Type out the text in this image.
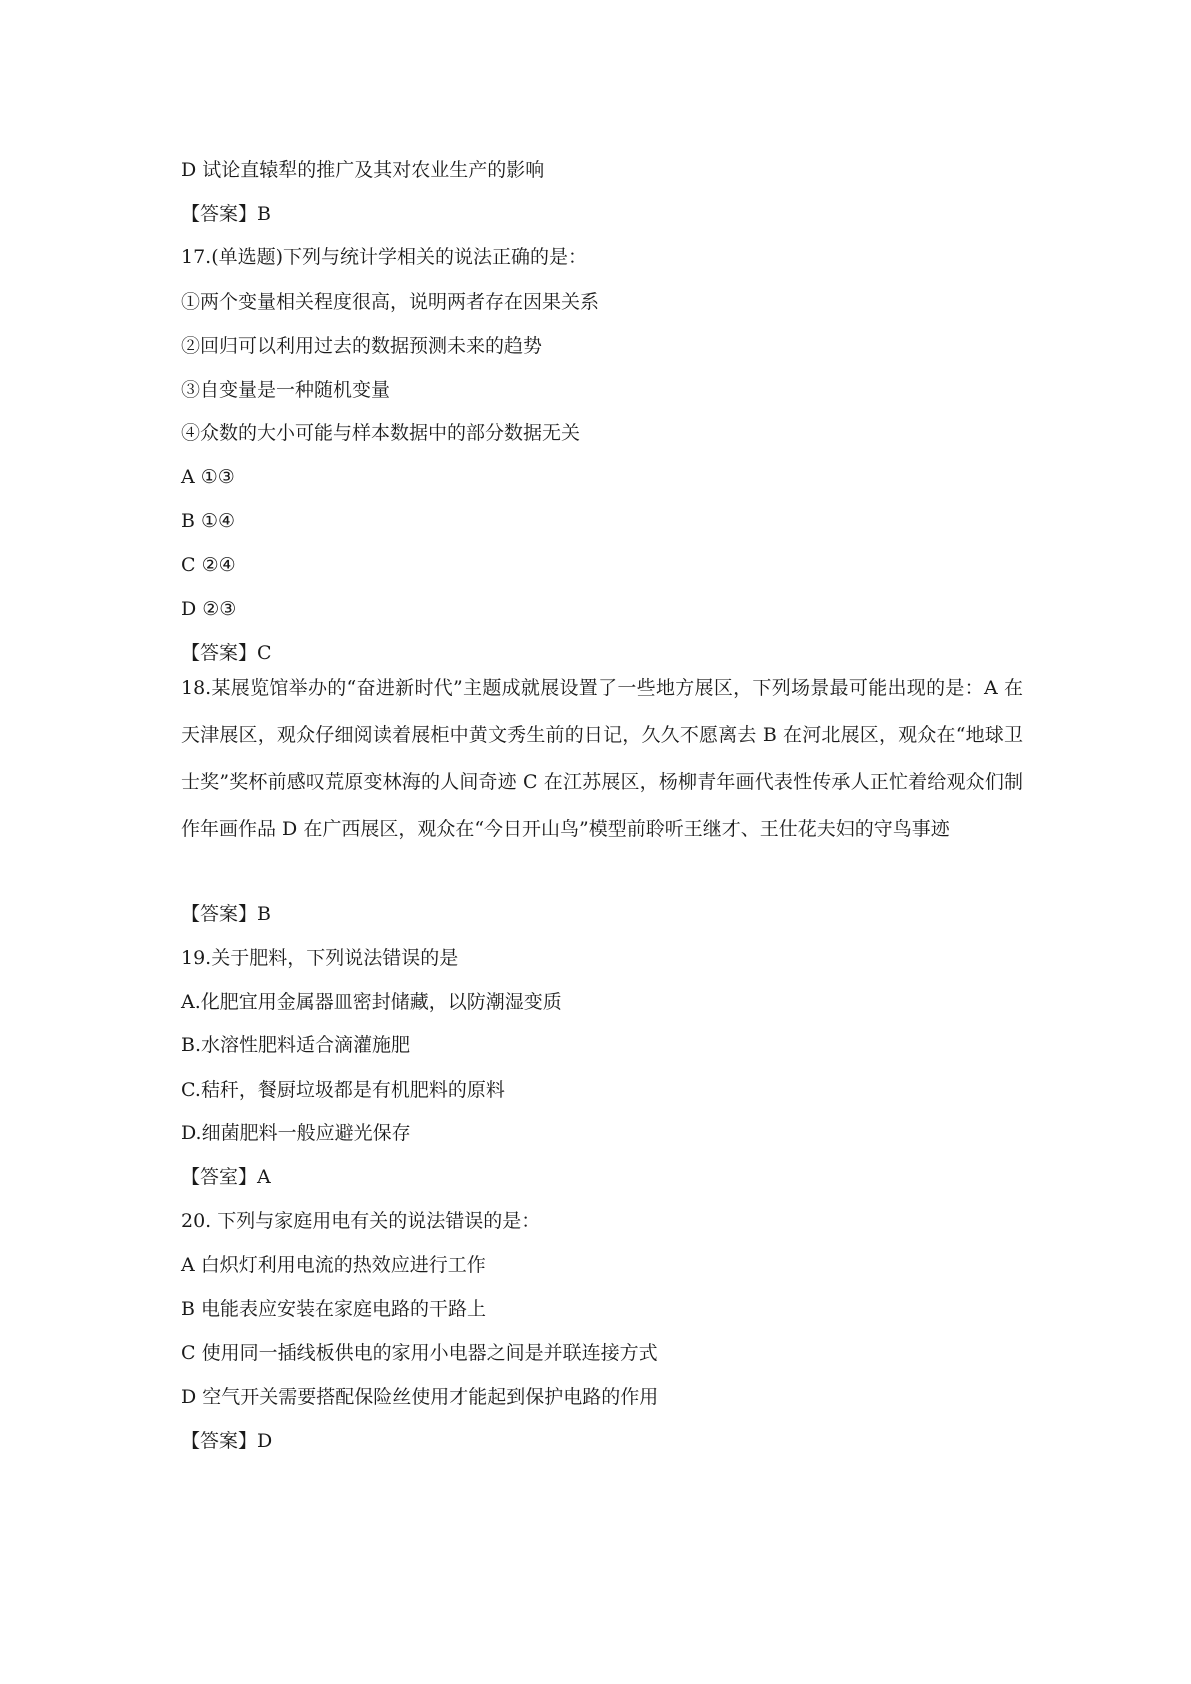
D 试论直辕犁的推广及其对农业生产的影响
【答案】B
17.(单选题)下列与统计学相关的说法正确的是：
①两个变量相关程度很高，说明两者存在因果关系
②回归可以利用过去的数据预测未来的趋势
③自变量是一种随机变量
④众数的大小可能与样本数据中的部分数据无关
A ①③
B ①④
C ②④
D ②③
【答案】C
18.某展览馆举办的“奋进新时代”主题成就展设置了一些地方展区，下列场景最可能出现的是：A 在天津展区，观众仔细阅读着展柜中黄文秀生前的日记，久久不愿离去 B 在河北展区，观众在“地球卫士奖”奖杯前感叹荒原变林海的人间奇迹 C 在江苏展区，杨柳青年画代表性传承人正忙着给观众们制作年画作品 D 在广西展区，观众在“今日开山鸟”模型前聆听王继才、王仕花夫妇的守鸟事迹
【答案】B
19.关于肥料，下列说法错误的是
A.化肥宜用金属器皿密封储藏，以防潮湿变质
B.水溶性肥料适合滴灌施肥
C.秸秆，餐厨垃圾都是有机肥料的原料
D.细菌肥料一般应避光保存
【答室】A
20. 下列与家庭用电有关的说法错误的是：
A 白炽灯利用电流的热效应进行工作
B 电能表应安装在家庭电路的干路上
C 使用同一插线板供电的家用小电器之间是并联连接方式
D 空气开关需要搭配保险丝使用才能起到保护电路的作用
【答案】D
